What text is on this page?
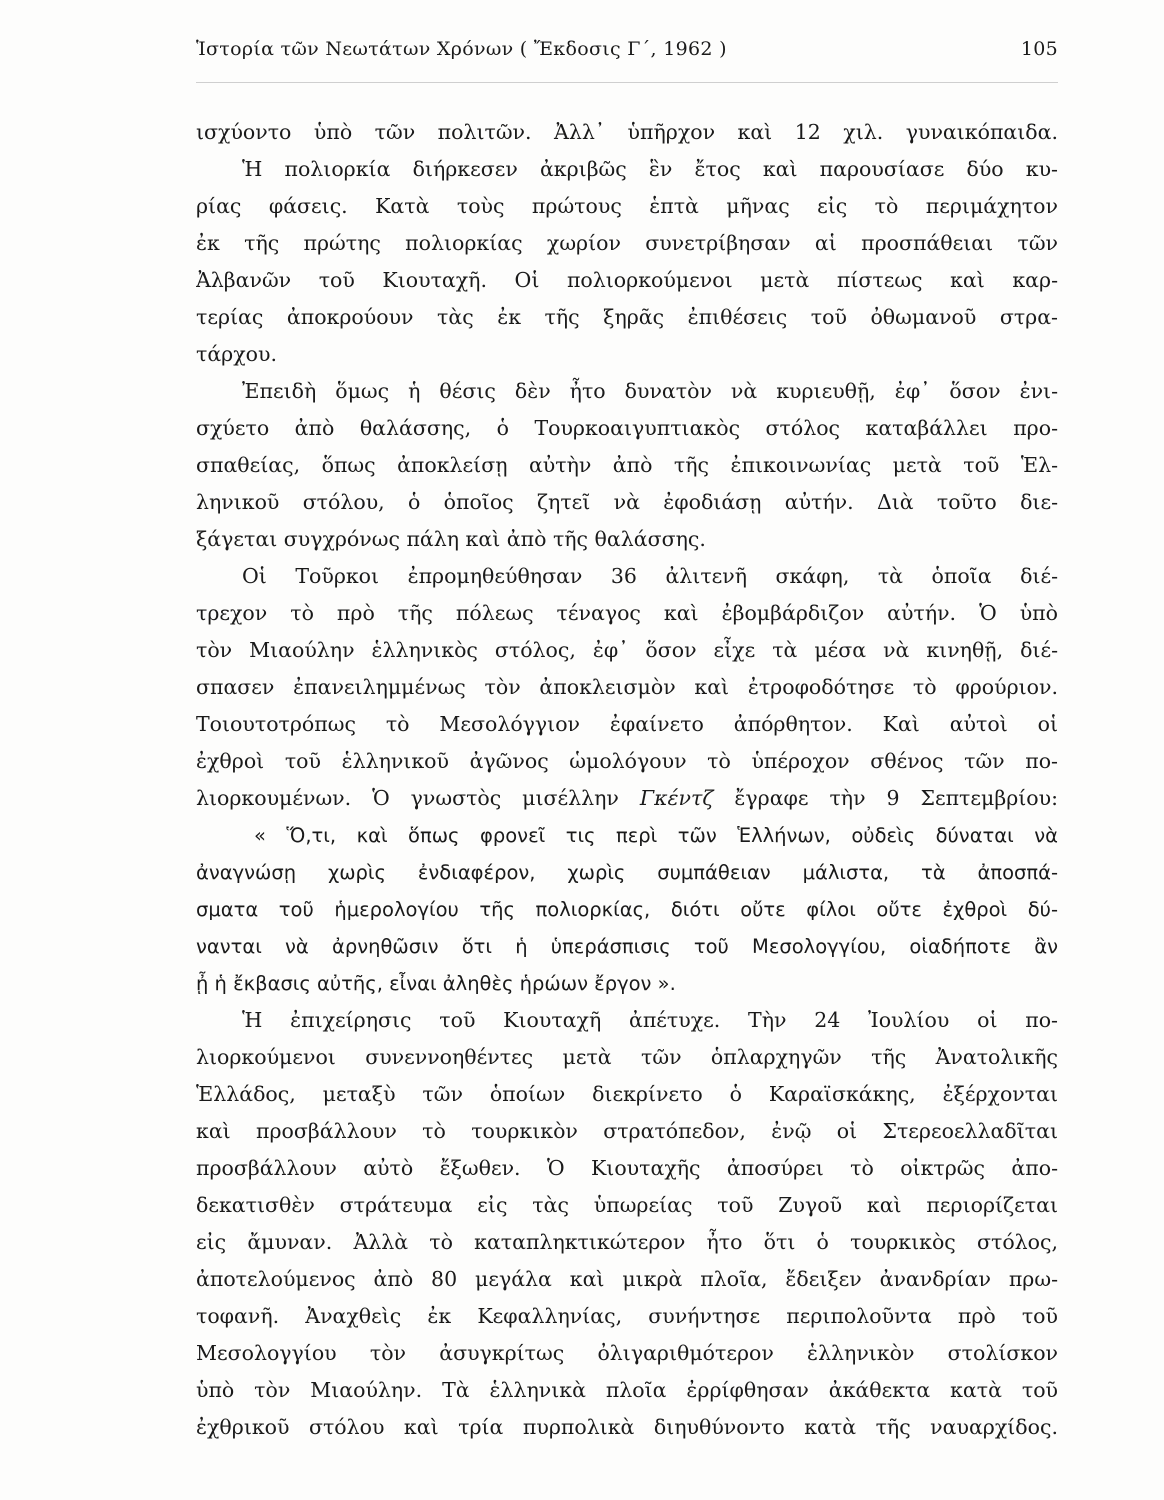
Ἱστορία τῶν Νεωτάτων Χρόνων ( Ἔκδοσις Γ΄, 1962 )	105
ισχύοντο ὑπὸ τῶν πολιτῶν. Ἀλλ᾽ ὑπῆρχον καὶ 12 χιλ. γυναικόπαιδα.
Ἡ πολιορκία διήρκεσεν ἀκριβῶς ἓν ἔτος καὶ παρουσίασε δύο κυ-
ρίας φάσεις. Κατὰ τοὺς πρώτους ἑπτὰ μῆνας εἰς τὸ περιμάχητον
ἐκ τῆς πρώτης πολιορκίας χωρίον συνετρίβησαν αἱ προσπάθειαι τῶν
Ἀλβανῶν τοῦ Κιουταχῆ. Οἱ πολιορκούμενοι μετὰ πίστεως καὶ καρ-
τερίας ἀποκρούουν τὰς ἐκ τῆς ξηρᾶς ἐπιθέσεις τοῦ ὀθωμανοῦ στρα-
τάρχου.
Ἐπειδὴ ὅμως ἡ θέσις δὲν ἦτο δυνατὸν νὰ κυριευθῇ, ἐφ᾽ ὅσον ἐνι-
σχύετο ἀπὸ θαλάσσης, ὁ Τουρκοαιγυπτιακὸς στόλος καταβάλλει προ-
σπαθείας, ὅπως ἀποκλείσῃ αὐτὴν ἀπὸ τῆς ἐπικοινωνίας μετὰ τοῦ Ἑλ-
ληνικοῦ στόλου, ὁ ὁποῖος ζητεῖ νὰ ἐφοδιάσῃ αὐτήν. Διὰ τοῦτο διε-
ξάγεται συγχρόνως πάλη καὶ ἀπὸ τῆς θαλάσσης.
Οἱ Τοῦρκοι ἐπρομηθεύθησαν 36 ἀλιτενῆ σκάφη, τὰ ὁποῖα διέ-
τρεχον τὸ πρὸ τῆς πόλεως τέναγος καὶ ἐβομβάρδιζον αὐτήν. Ὁ ὑπὸ
τὸν Μιαούλην ἑλληνικὸς στόλος, ἐφ᾽ ὅσον εἶχε τὰ μέσα νὰ κινηθῇ, διέ-
σπασεν ἐπανειλημμένως τὸν ἀποκλεισμὸν καὶ ἐτροφοδότησε τὸ φρούριον.
Τοιουτοτρόπως τὸ Μεσολόγγιον ἐφαίνετο ἀπόρθητον. Καὶ αὐτοὶ οἱ
ἐχθροὶ τοῦ ἑλληνικοῦ ἀγῶνος ὡμολόγουν τὸ ὑπέροχον σθένος τῶν πο-
λιορκουμένων. Ὁ γνωστὸς μισέλλην Γκέντζ ἔγραφε τὴν 9 Σεπτεμβρίου:
« Ὅ,τι, καὶ ὅπως φρονεῖ τις περὶ τῶν Ἑλλήνων, οὐδεὶς δύναται νὰ
ἀναγνώσῃ χωρὶς ἐνδιαφέρον, χωρὶς συμπάθειαν μάλιστα, τὰ ἀποσπά-
σματα τοῦ ἡμερολογίου τῆς πολιορκίας, διότι οὔτε φίλοι οὔτε ἐχθροὶ δύ-
νανται νὰ ἀρνηθῶσιν ὅτι ἡ ὑπεράσπισις τοῦ Μεσολογγίου, οἱαδήποτε ἂν
ᾖ ἡ ἔκβασις αὐτῆς, εἶναι ἀληθὲς ἡρώων ἔργον ».
Ἡ ἐπιχείρησις τοῦ Κιουταχῆ ἀπέτυχε. Τὴν 24 Ἰουλίου οἱ πο-
λιορκούμενοι συνεννοηθέντες μετὰ τῶν ὁπλαρχηγῶν τῆς Ἀνατολικῆς
Ἑλλάδος, μεταξὺ τῶν ὁποίων διεκρίνετο ὁ Καραϊσκάκης, ἐξέρχονται
καὶ προσβάλλουν τὸ τουρκικὸν στρατόπεδον, ἐνῷ οἱ Στερεοελλαδῖται
προσβάλλουν αὐτὸ ἔξωθεν. Ὁ Κιουταχῆς ἀποσύρει τὸ οἰκτρῶς ἀπο-
δεκατισθὲν στράτευμα εἰς τὰς ὑπωρείας τοῦ Ζυγοῦ καὶ περιορίζεται
εἰς ἄμυναν. Ἀλλὰ τὸ καταπληκτικώτερον ἦτο ὅτι ὁ τουρκικὸς στόλος,
ἀποτελούμενος ἀπὸ 80 μεγάλα καὶ μικρὰ πλοῖα, ἔδειξεν ἀνανδρίαν πρω-
τοφανῆ. Ἀναχθεὶς ἐκ Κεφαλληνίας, συνήντησε περιπολοῦντα πρὸ τοῦ
Μεσολογγίου τὸν ἀσυγκρίτως ὀλιγαριθμότερον ἑλληνικὸν στολίσκον
ὑπὸ τὸν Μιαούλην. Τὰ ἑλληνικὰ πλοῖα ἐρρίφθησαν ἀκάθεκτα κατὰ τοῦ
ἐχθρικοῦ στόλου καὶ τρία πυρπολικὰ διηυθύνοντο κατὰ τῆς ναυαρχίδος.
